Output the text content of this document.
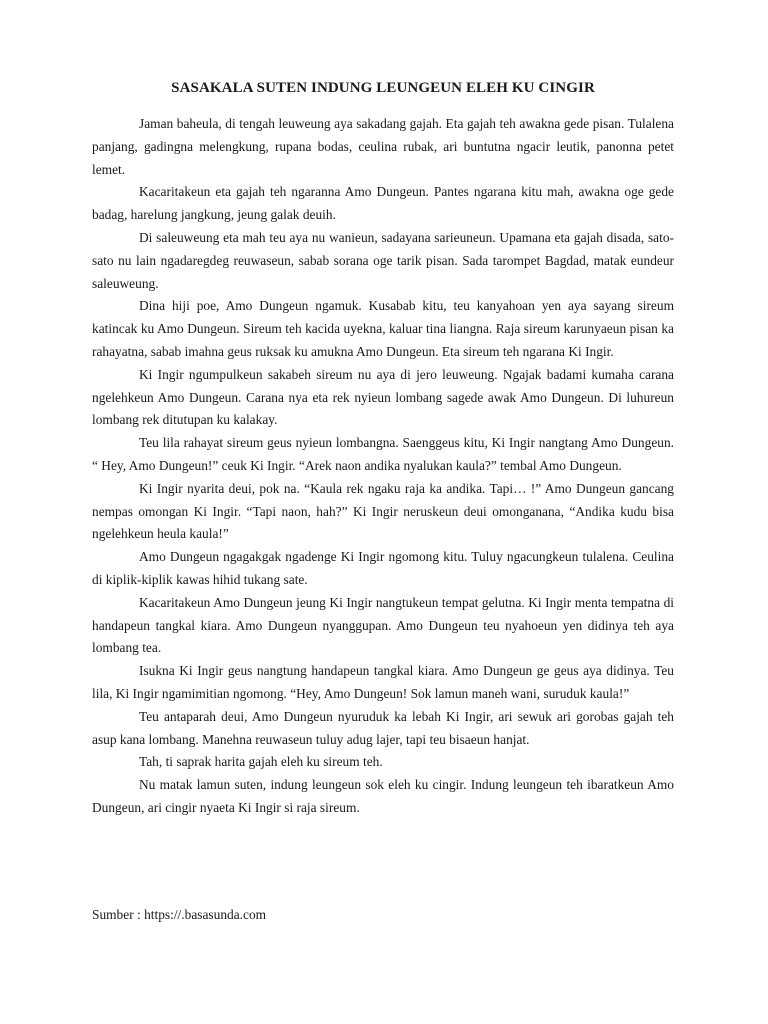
SASAKALA SUTEN INDUNG LEUNGEUN ELEH KU CINGIR

Jaman baheula, di tengah leuweung aya sakadang gajah. Eta gajah teh awakna gede pisan. Tulalena panjang, gadingna melengkung, rupana bodas, ceulina rubak, ari buntutna ngacir leutik, panonna petet lemet.

Kacaritakeun eta gajah teh ngaranna Amo Dungeun. Pantes ngarana kitu mah, awakna oge gede badag, harelung jangkung, jeung galak deuih.

Di saleuweung eta mah teu aya nu wanieun, sadayana sarieuneun. Upamana eta gajah disada, sato-sato nu lain ngadaregdeg reuwaseun, sabab sorana oge tarik pisan. Sada tarompet Bagdad, matak eundeur saleuweung.

Dina hiji poe, Amo Dungeun ngamuk. Kusabab kitu, teu kanyahoan yen aya sayang sireum katincak ku Amo Dungeun. Sireum teh kacida uyekna, kaluar tina liangna. Raja sireum karunyaeun pisan ka rahayatna, sabab imahna geus ruksak ku amukna Amo Dungeun. Eta sireum teh ngarana Ki Ingir.

Ki Ingir ngumpulkeun sakabeh sireum nu aya di jero leuweung. Ngajak badami kumaha carana ngelehkeun Amo Dungeun. Carana nya eta rek nyieun lombang sagede awak Amo Dungeun. Di luhureun lombang rek ditutupan ku kalakay.

Teu lila rahayat sireum geus nyieun lombangna. Saenggeus kitu, Ki Ingir nangtang Amo Dungeun. “ Hey, Amo Dungeun!” ceuk Ki Ingir. “Arek naon andika nyalukan kaula?” tembal Amo Dungeun.

Ki Ingir nyarita deui, pok na. “Kaula rek ngaku raja ka andika. Tapi… !” Amo Dungeun gancang nempas omongan Ki Ingir. “Tapi naon, hah?” Ki Ingir neruskeun deui omonganana, “Andika kudu bisa ngelehkeun heula kaula!”

Amo Dungeun ngagakgak ngadenge Ki Ingir ngomong kitu. Tuluy ngacungkeun tulalena. Ceulina di kiplik-kiplik kawas hihid tukang sate.

Kacaritakeun Amo Dungeun jeung Ki Ingir nangtukeun tempat gelutna. Ki Ingir menta tempatna di handapeun tangkal kiara. Amo Dungeun nyanggupan. Amo Dungeun teu nyahoeun yen didinya teh aya lombang tea.

Isukna Ki Ingir geus nangtung handapeun tangkal kiara. Amo Dungeun ge geus aya didinya. Teu lila, Ki Ingir ngamimitian ngomong. “Hey, Amo Dungeun! Sok lamun maneh wani, suruduk kaula!”

Teu antaparah deui, Amo Dungeun nyuruduk ka lebah Ki Ingir, ari sewuk ari gorobas gajah teh asup kana lombang. Manehna reuwaseun tuluy adug lajer, tapi teu bisaeun hanjat.

Tah, ti saprak harita gajah eleh ku sireum teh.

Nu matak lamun suten, indung leungeun sok eleh ku cingir. Indung leungeun teh ibaratkeun Amo Dungeun, ari cingir nyaeta Ki Ingir si raja sireum.

Sumber : https://.basasunda.com
